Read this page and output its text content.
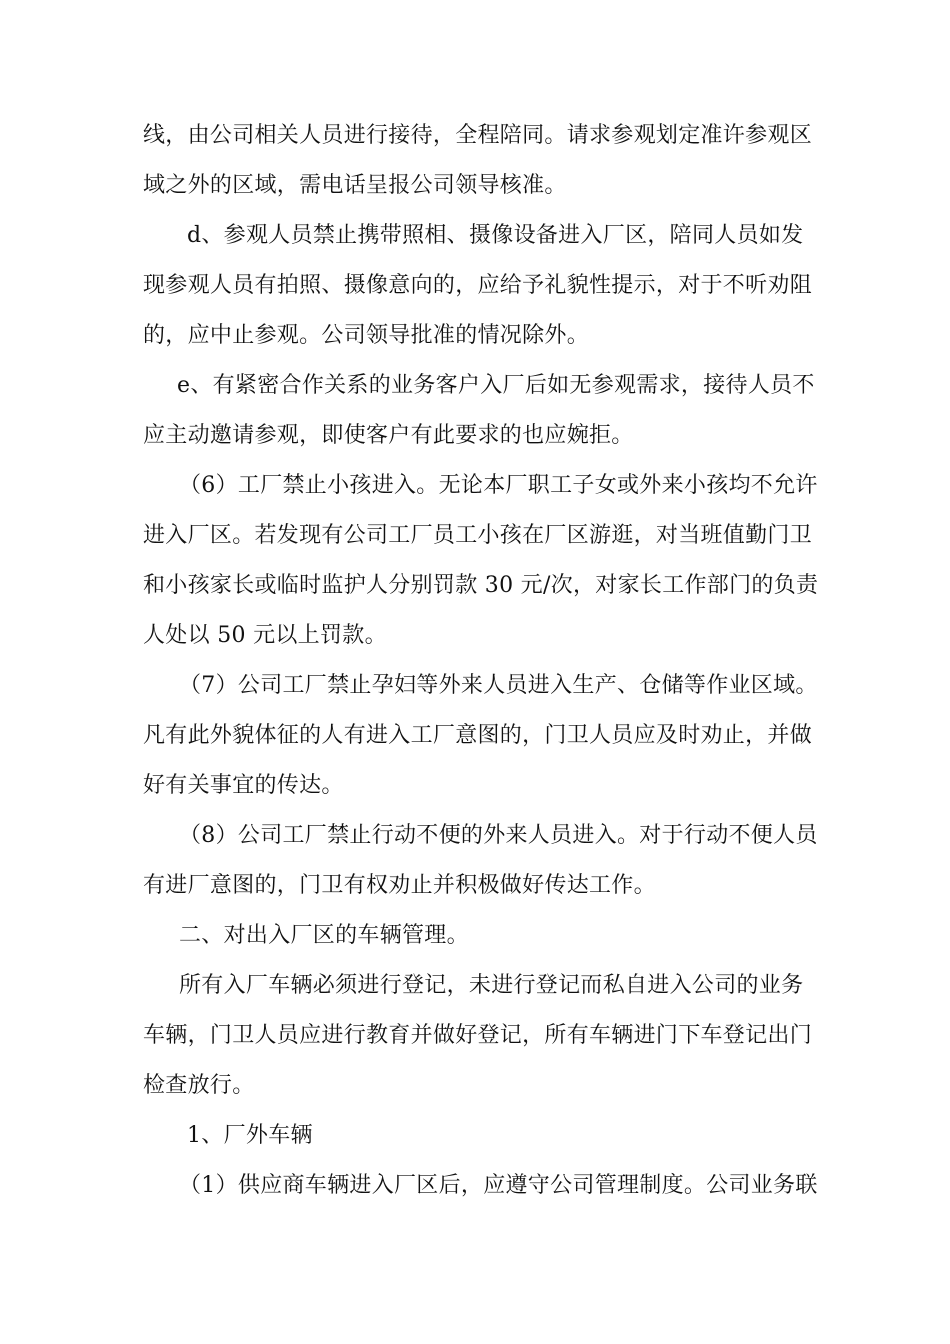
线，由公司相关人员进行接待，全程陪同。请求参观划定准许参观区
域之外的区域，需电话呈报公司领导核准。
d、参观人员禁止携带照相、摄像设备进入厂区，陪同人员如发
现参观人员有拍照、摄像意向的，应给予礼貌性提示，对于不听劝阻
的，应中止参观。公司领导批准的情况除外。
e、有紧密合作关系的业务客户入厂后如无参观需求，接待人员不
应主动邀请参观，即使客户有此要求的也应婉拒。
（6）工厂禁止小孩进入。无论本厂职工子女或外来小孩均不允许
进入厂区。若发现有公司工厂员工小孩在厂区游逛，对当班值勤门卫
和小孩家长或临时监护人分别罚款 30 元/次，对家长工作部门的负责
人处以 50 元以上罚款。
（7）公司工厂禁止孕妇等外来人员进入生产、仓储等作业区域。
凡有此外貌体征的人有进入工厂意图的，门卫人员应及时劝止，并做
好有关事宜的传达。
（8）公司工厂禁止行动不便的外来人员进入。对于行动不便人员
有进厂意图的，门卫有权劝止并积极做好传达工作。
二、对出入厂区的车辆管理。
所有入厂车辆必须进行登记，未进行登记而私自进入公司的业务
车辆，门卫人员应进行教育并做好登记，所有车辆进门下车登记出门
检查放行。
1、厂外车辆
（1）供应商车辆进入厂区后，应遵守公司管理制度。公司业务联
